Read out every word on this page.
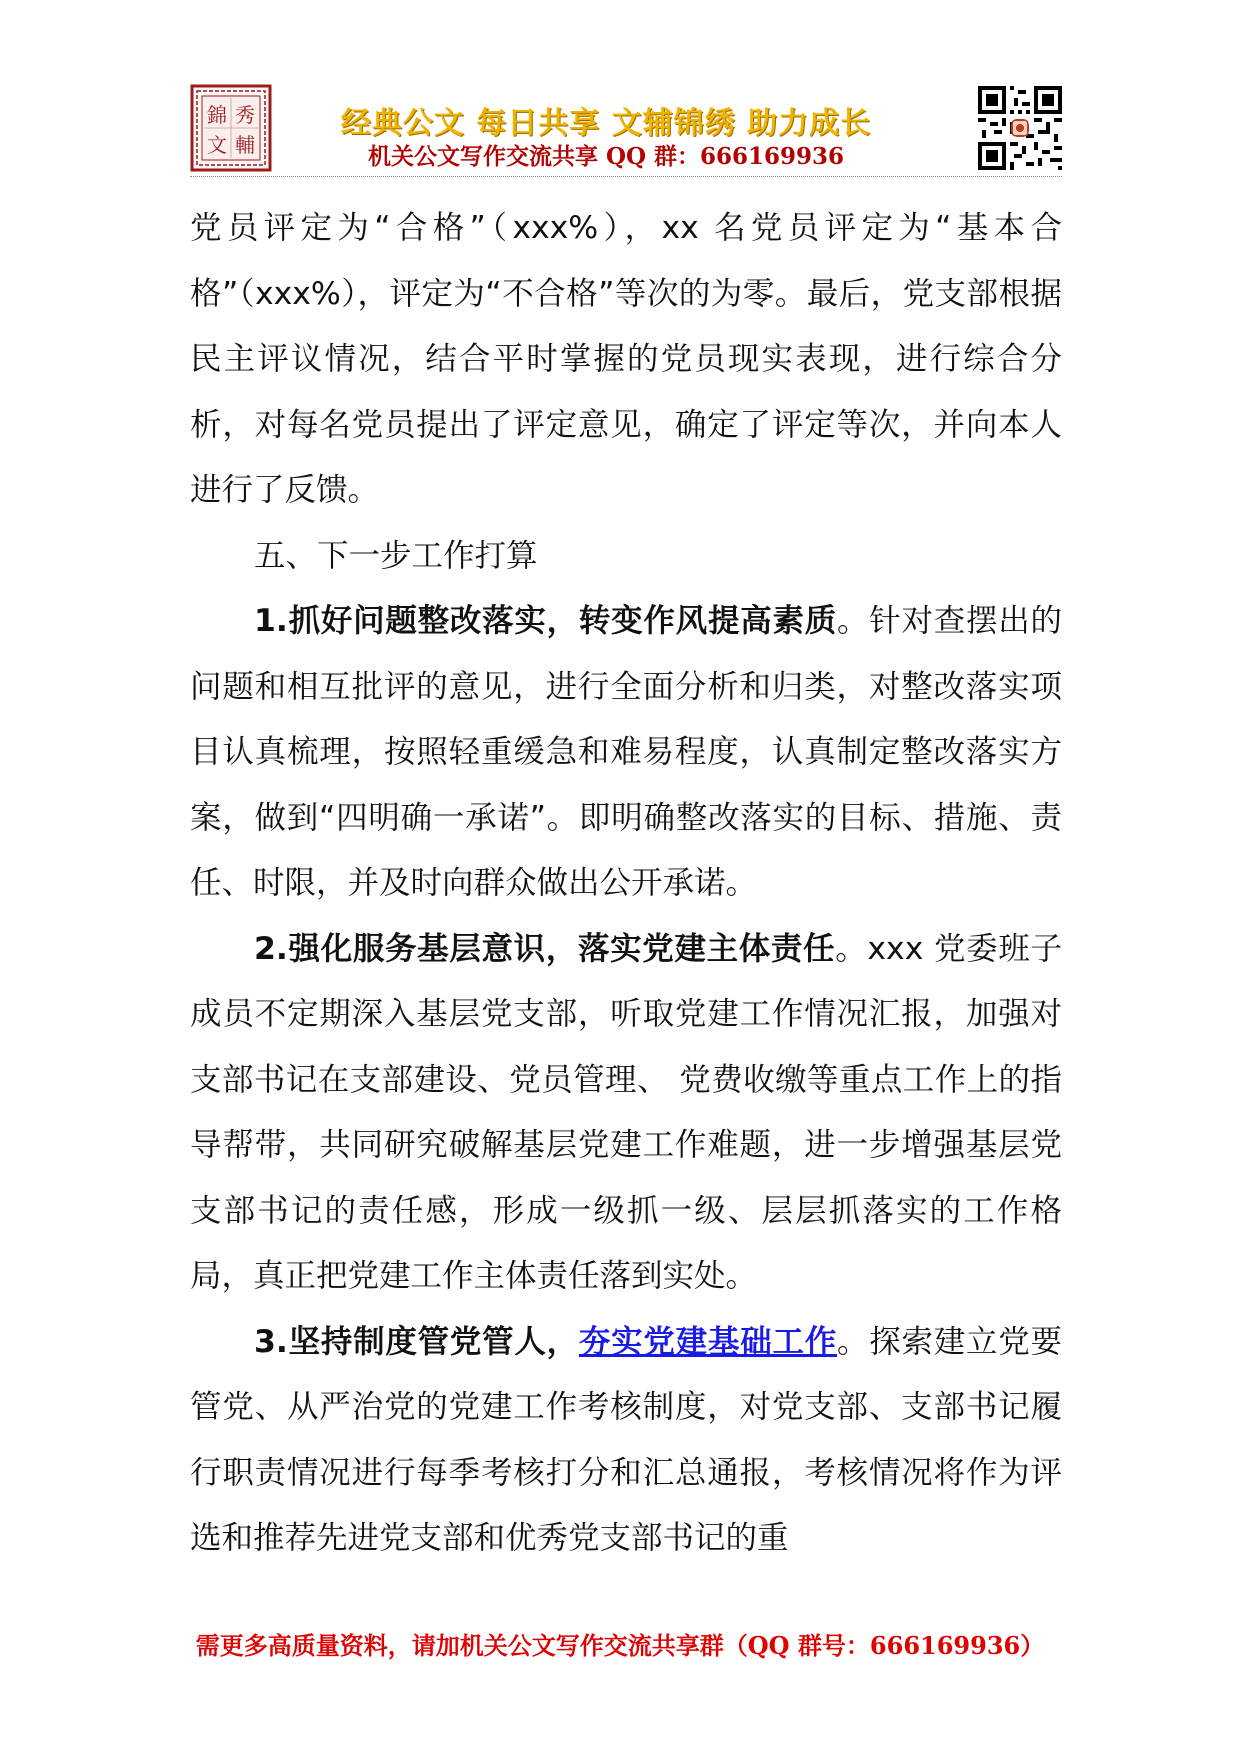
錦 秀
文 輔
经典公文 每日共享 文辅锦绣 助力成长
机关公文写作交流共享 QQ 群：666169936

党员评定为“合格”（xxx%），xx 名党员评定为“基本合格”（xxx%），评定为“不合格”等次的为零。最后，党支部根据民主评议情况，结合平时掌握的党员现实表现，进行综合分析，对每名党员提出了评定意见，确定了评定等次，并向本人进行了反馈。

五、下一步工作打算

1.抓好问题整改落实，转变作风提高素质。针对查摆出的问题和相互批评的意见，进行全面分析和归类，对整改落实项目认真梳理，按照轻重缓急和难易程度，认真制定整改落实方案，做到“四明确一承诺”。即明确整改落实的目标、措施、责任、时限，并及时向群众做出公开承诺。

2.强化服务基层意识，落实党建主体责任。xxx 党委班子成员不定期深入基层党支部，听取党建工作情况汇报，加强对支部书记在支部建设、党员管理、 党费收缴等重点工作上的指导帮带，共同研究破解基层党建工作难题，进一步增强基层党支部书记的责任感，形成一级抓一级、层层抓落实的工作格局，真正把党建工作主体责任落到实处。

3.坚持制度管党管人，夯实党建基础工作。探索建立党要管党、从严治党的党建工作考核制度，对党支部、支部书记履行职责情况进行每季考核打分和汇总通报，考核情况将作为评选和推荐先进党支部和优秀党支部书记的重

需更多高质量资料，请加机关公文写作交流共享群（QQ 群号：666169936）
